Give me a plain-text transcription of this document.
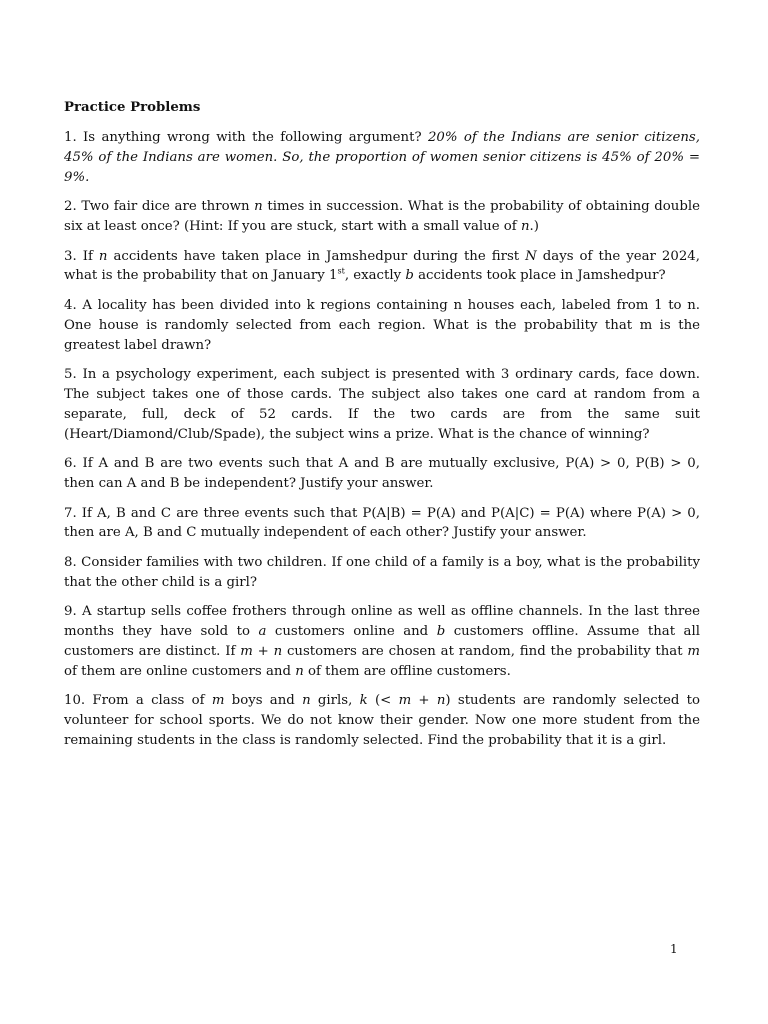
Practice Problems

1. Is anything wrong with the following argument? 20% of the Indians are senior citizens, 45% of the Indians are women. So, the proportion of women senior citizens is 45% of 20% = 9%.

2. Two fair dice are thrown n times in succession. What is the probability of obtaining double six at least once? (Hint: If you are stuck, start with a small value of n.)

3. If n accidents have taken place in Jamshedpur during the first N days of the year 2024, what is the probability that on January 1st, exactly b accidents took place in Jamshedpur?

4. A locality has been divided into k regions containing n houses each, labeled from 1 to n. One house is randomly selected from each region. What is the probability that m is the greatest label drawn?

5. In a psychology experiment, each subject is presented with 3 ordinary cards, face down. The subject takes one of those cards. The subject also takes one card at random from a separate, full, deck of 52 cards. If the two cards are from the same suit (Heart/Diamond/Club/Spade), the subject wins a prize. What is the chance of winning?

6. If A and B are two events such that A and B are mutually exclusive, P(A) > 0, P(B) > 0, then can A and B be independent? Justify your answer.

7. If A, B and C are three events such that P(A|B) = P(A) and P(A|C) = P(A) where P(A) > 0, then are A, B and C mutually independent of each other? Justify your answer.

8. Consider families with two children. If one child of a family is a boy, what is the probability that the other child is a girl?

9. A startup sells coffee frothers through online as well as offline channels. In the last three months they have sold to a customers online and b customers offline. Assume that all customers are distinct. If m + n customers are chosen at random, find the probability that m of them are online customers and n of them are offline customers.

10. From a class of m boys and n girls, k (< m + n) students are randomly selected to volunteer for school sports. We do not know their gender. Now one more student from the remaining students in the class is randomly selected. Find the probability that it is a girl.

1
